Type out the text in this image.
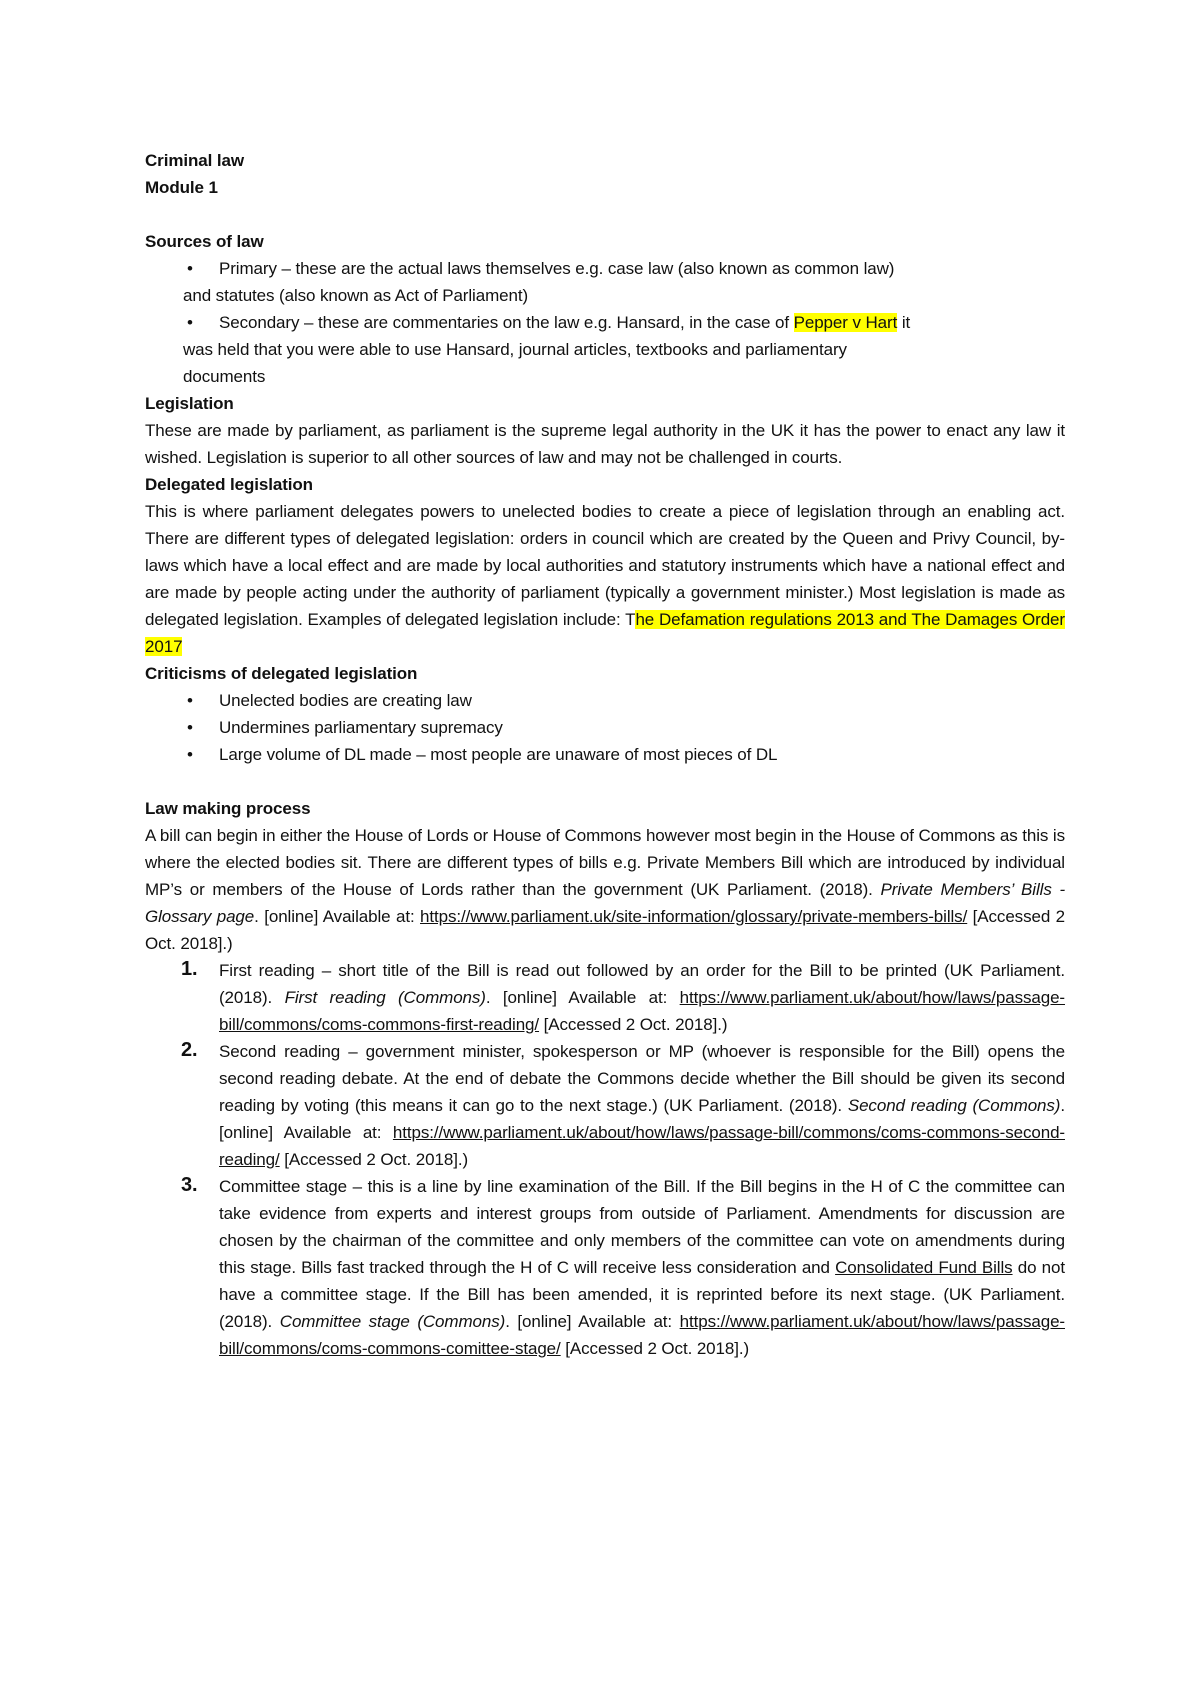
Criminal law
Module 1
Sources of law
• Primary – these are the actual laws themselves e.g. case law (also known as common law)
and statutes (also known as Act of Parliament)
• Secondary – these are commentaries on the law e.g. Hansard, in the case of Pepper v Hart it
was held that you were able to use Hansard, journal articles, textbooks and parliamentary
documents
Legislation
These are made by parliament, as parliament is the supreme legal authority in the UK it has the power to enact any law it wished. Legislation is superior to all other sources of law and may not be challenged in courts.
Delegated legislation
This is where parliament delegates powers to unelected bodies to create a piece of legislation through an enabling act. There are different types of delegated legislation: orders in council which are created by the Queen and Privy Council, by-laws which have a local effect and are made by local authorities and statutory instruments which have a national effect and are made by people acting under the authority of parliament (typically a government minister.) Most legislation is made as delegated legislation. Examples of delegated legislation include: The Defamation regulations 2013 and The Damages Order 2017
Criticisms of delegated legislation
• Unelected bodies are creating law
• Undermines parliamentary supremacy
• Large volume of DL made – most people are unaware of most pieces of DL
Law making process
A bill can begin in either the House of Lords or House of Commons however most begin in the House of Commons as this is where the elected bodies sit. There are different types of bills e.g. Private Members Bill which are introduced by individual MP’s or members of the House of Lords rather than the government (UK Parliament. (2018). Private Members’ Bills - Glossary page. [online] Available at: https://www.parliament.uk/site-information/glossary/private-members-bills/ [Accessed 2 Oct. 2018].)
1. First reading – short title of the Bill is read out followed by an order for the Bill to be printed (UK Parliament. (2018). First reading (Commons). [online] Available at: https://www.parliament.uk/about/how/laws/passage-bill/commons/coms-commons-first-reading/ [Accessed 2 Oct. 2018].)
2. Second reading – government minister, spokesperson or MP (whoever is responsible for the Bill) opens the second reading debate. At the end of debate the Commons decide whether the Bill should be given its second reading by voting (this means it can go to the next stage.) (UK Parliament. (2018). Second reading (Commons). [online] Available at: https://www.parliament.uk/about/how/laws/passage-bill/commons/coms-commons-second-reading/ [Accessed 2 Oct. 2018].)
3. Committee stage – this is a line by line examination of the Bill. If the Bill begins in the H of C the committee can take evidence from experts and interest groups from outside of Parliament. Amendments for discussion are chosen by the chairman of the committee and only members of the committee can vote on amendments during this stage. Bills fast tracked through the H of C will receive less consideration and Consolidated Fund Bills do not have a committee stage. If the Bill has been amended, it is reprinted before its next stage. (UK Parliament. (2018). Committee stage (Commons). [online] Available at: https://www.parliament.uk/about/how/laws/passage-bill/commons/coms-commons-comittee-stage/ [Accessed 2 Oct. 2018].)
